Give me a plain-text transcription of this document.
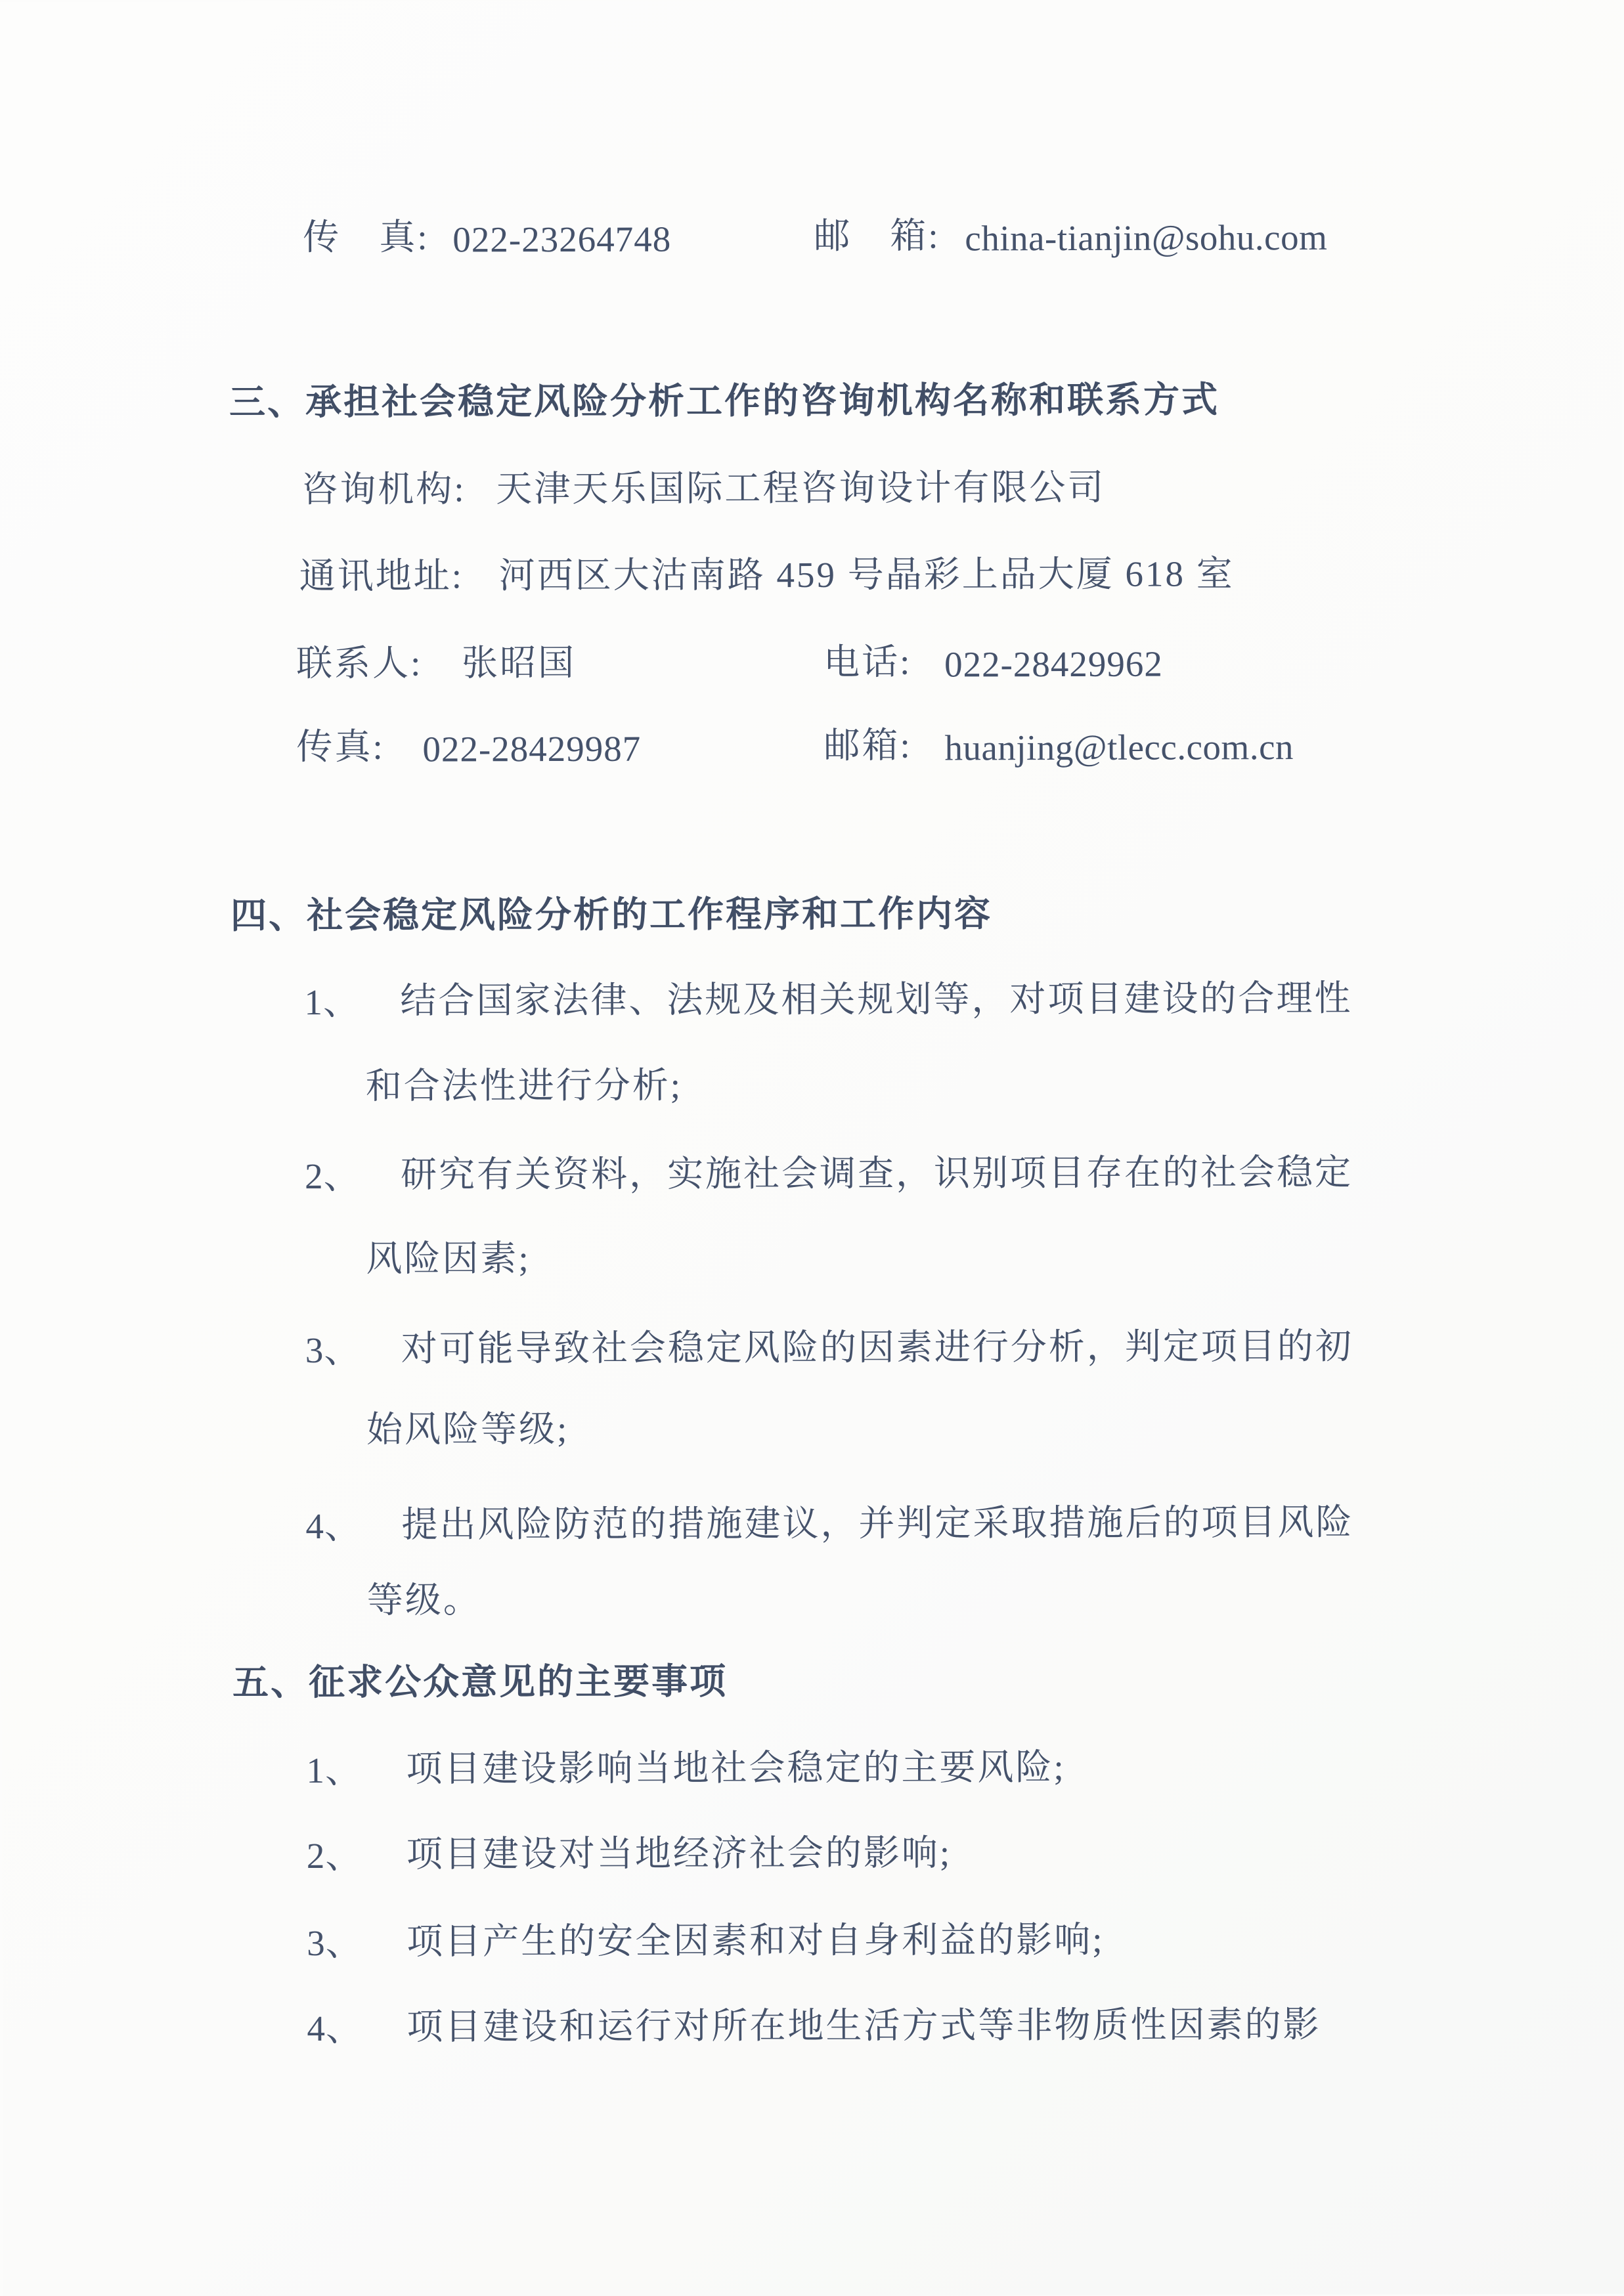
传　真: 022-23264748	邮　箱: china-tianjin@sohu.com
三、承担社会稳定风险分析工作的咨询机构名称和联系方式
咨询机构: 天津天乐国际工程咨询设计有限公司
通讯地址: 河西区大沽南路 459 号晶彩上品大厦 618 室
联系人: 张昭国	电话: 022-28429962
传真: 022-28429987	邮箱: huanjing@tlecc.com.cn
四、社会稳定风险分析的工作程序和工作内容
1、 结合国家法律、法规及相关规划等，对项目建设的合理性
和合法性进行分析;
2、 研究有关资料，实施社会调查，识别项目存在的社会稳定
风险因素;
3、 对可能导致社会稳定风险的因素进行分析，判定项目的初
始风险等级;
4、 提出风险防范的措施建议，并判定采取措施后的项目风险
等级。
五、征求公众意见的主要事项
1、 项目建设影响当地社会稳定的主要风险;
2、 项目建设对当地经济社会的影响;
3、 项目产生的安全因素和对自身利益的影响;
4、 项目建设和运行对所在地生活方式等非物质性因素的影
